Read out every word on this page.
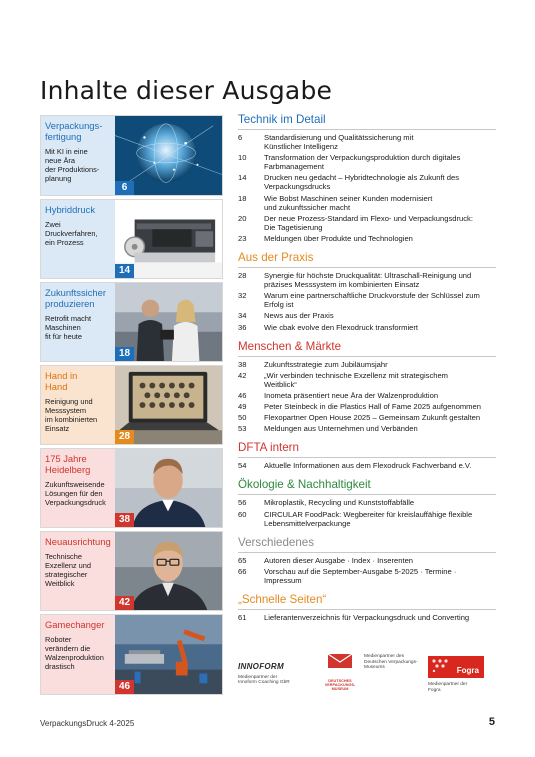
Inhalte dieser Ausgabe
Verpackungs-
fertigung
Mit KI in eine
neue Ära
der Produktions-
planung
6
Hybriddruck
Zwei
Druckverfahren,
ein Prozess
14
Zukunftssicher
produzieren
Retrofit macht
Maschinen
fit für heute
18
Hand in
Hand
Reinigung und
Messsystem
im kombinierten
Einsatz
28
175 Jahre
Heidelberg
Zukunftsweisende
Lösungen für den
Verpackungsdruck
38
Neuausrichtung
Technische
Exzellenz und
strategischer
Weitblick
42
Gamechanger
Roboter
verändern die
Walzenproduktion
drastisch
46
Technik im Detail
6	Standardisierung und Qualitätssicherung mit
Künstlicher Intelligenz
10	Transformation der Verpackungsproduktion durch digitales
Farbmanagement
14	Drucken neu gedacht – Hybridtechnologie als Zukunft des
Verpackungsdrucks
18	Wie Bobst Maschinen seiner Kunden modernisiert
und zukunftssicher macht
20	Der neue Prozess-Standard im Flexo- und Verpackungsdruck:
Die Tagetisierung
23	Meldungen über Produkte und Technologien
Aus der Praxis
28	Synergie für höchste Druckqualität: Ultraschall-Reinigung und
präzises Messsystem im kombinierten Einsatz
32	Warum eine partnerschaftliche Druckvorstufe der Schlüssel zum
Erfolg ist
34	News aus der Praxis
36	Wie cbak evolve den Flexodruck transformiert
Menschen & Märkte
38	Zukunftsstrategie zum Jubiläumsjahr
42	„Wir verbinden technische Exzellenz mit strategischem
Weitblick“
46	Inometa präsentiert neue Ära der Walzenproduktion
49	Peter Steinbeck in die Plastics Hall of Fame 2025 aufgenommen
50	Flexopartner Open House 2025 – Gemeinsam Zukunft gestalten
53	Meldungen aus Unternehmen und Verbänden
DFTA intern
54	Aktuelle Informationen aus dem Flexodruck Fachverband e.V.
Ökologie & Nachhaltigkeit
56	Mikroplastik, Recycling und Kunststoffabfälle
60	CIRCULAR FoodPack: Wegbereiter für kreislauffähige flexible
Lebensmittelverpackunge
Verschiedenes
65	Autoren dieser Ausgabe · Index · Inserenten
66	Vorschau auf die September-Ausgabe 5-2025 · Termine ·
Impressum
„Schnelle Seiten“
61	Lieferantenverzeichnis für Verpackungsdruck und Converting
INNOFORM
Medienpartner der
Innoform Coaching GbR	DEUTSCHES
VERPACKUNGS-
MUSEUM
Medienpartner des
Deutschen Verpackungs-
Museums	Fogra
Medienpartner der
Fogra
VerpackungsDruck 4-2025	5
